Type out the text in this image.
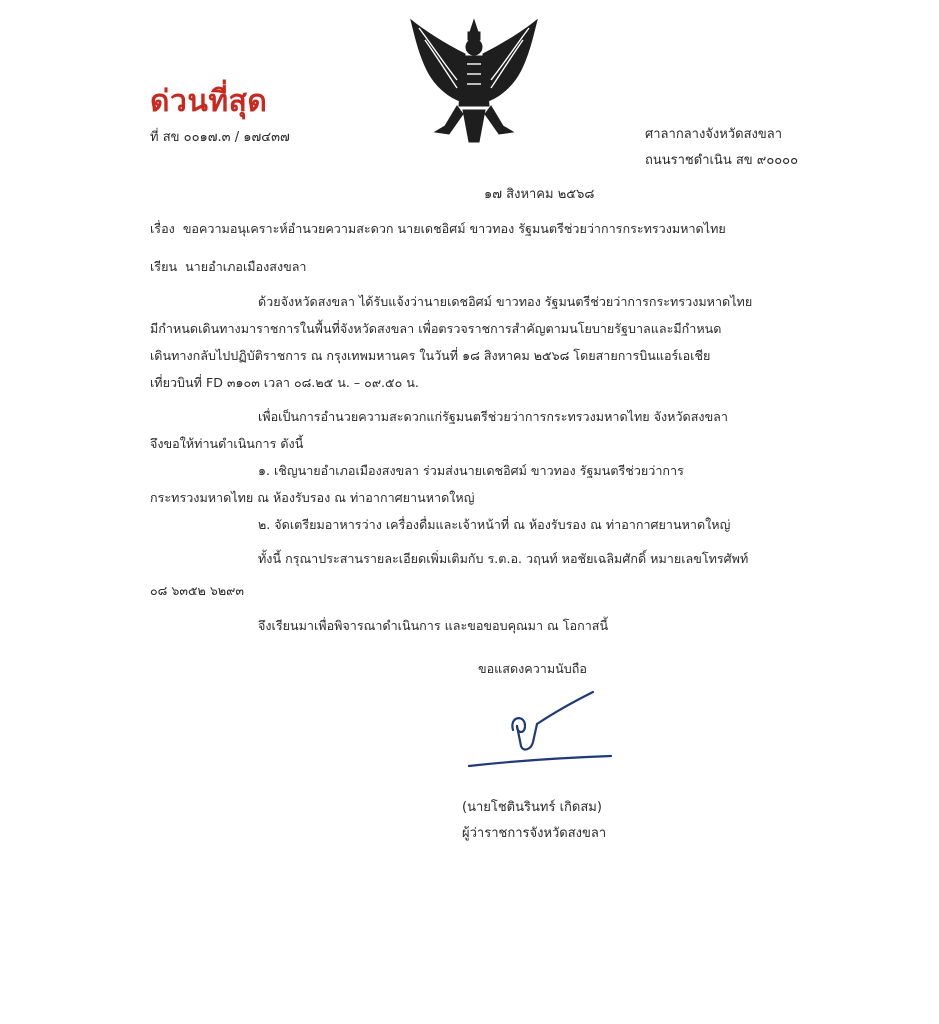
ด่วนที่สุด
ที่ สข ๐๐๑๗.๓ / ๑๗๔๓๗	ศาลากลางจังหวัดสงขลา
ถนนราชดำเนิน สข ๙๐๐๐๐
๑๗ สิงหาคม ๒๕๖๘
เรื่อง ขอความอนุเคราะห์อำนวยความสะดวก นายเดชอิศม์ ขาวทอง รัฐมนตรีช่วยว่าการกระทรวงมหาดไทย
เรียน นายอำเภอเมืองสงขลา
ด้วยจังหวัดสงขลา ได้รับแจ้งว่านายเดชอิศม์ ขาวทอง รัฐมนตรีช่วยว่าการกระทรวงมหาดไทย
มีกำหนดเดินทางมาราชการในพื้นที่จังหวัดสงขลา เพื่อตรวจราชการสำคัญตามนโยบายรัฐบาลและมีกำหนด
เดินทางกลับไปปฏิบัติราชการ ณ กรุงเทพมหานคร ในวันที่ ๑๘ สิงหาคม ๒๕๖๘ โดยสายการบินแอร์เอเชีย
เที่ยวบินที่ FD ๓๑๐๓ เวลา ๐๘.๒๕ น. – ๐๙.๕๐ น.
เพื่อเป็นการอำนวยความสะดวกแก่รัฐมนตรีช่วยว่าการกระทรวงมหาดไทย จังหวัดสงขลา
จึงขอให้ท่านดำเนินการ ดังนี้
๑. เชิญนายอำเภอเมืองสงขลา ร่วมส่งนายเดชอิศม์ ขาวทอง รัฐมนตรีช่วยว่าการ
กระทรวงมหาดไทย ณ ห้องรับรอง ณ ท่าอากาศยานหาดใหญ่
๒. จัดเตรียมอาหารว่าง เครื่องดื่มและเจ้าหน้าที่ ณ ห้องรับรอง ณ ท่าอากาศยานหาดใหญ่
ทั้งนี้ กรุณาประสานรายละเอียดเพิ่มเติมกับ ร.ต.อ. วฤนท์ หอชัยเฉลิมศักดิ์ หมายเลขโทรศัพท์
๐๘ ๖๓๕๒ ๖๒๙๓
จึงเรียนมาเพื่อพิจารณาดำเนินการ และขอขอบคุณมา ณ โอกาสนี้
ขอแสดงความนับถือ
(นายโชตินรินทร์ เกิดสม)
ผู้ว่าราชการจังหวัดสงขลา
